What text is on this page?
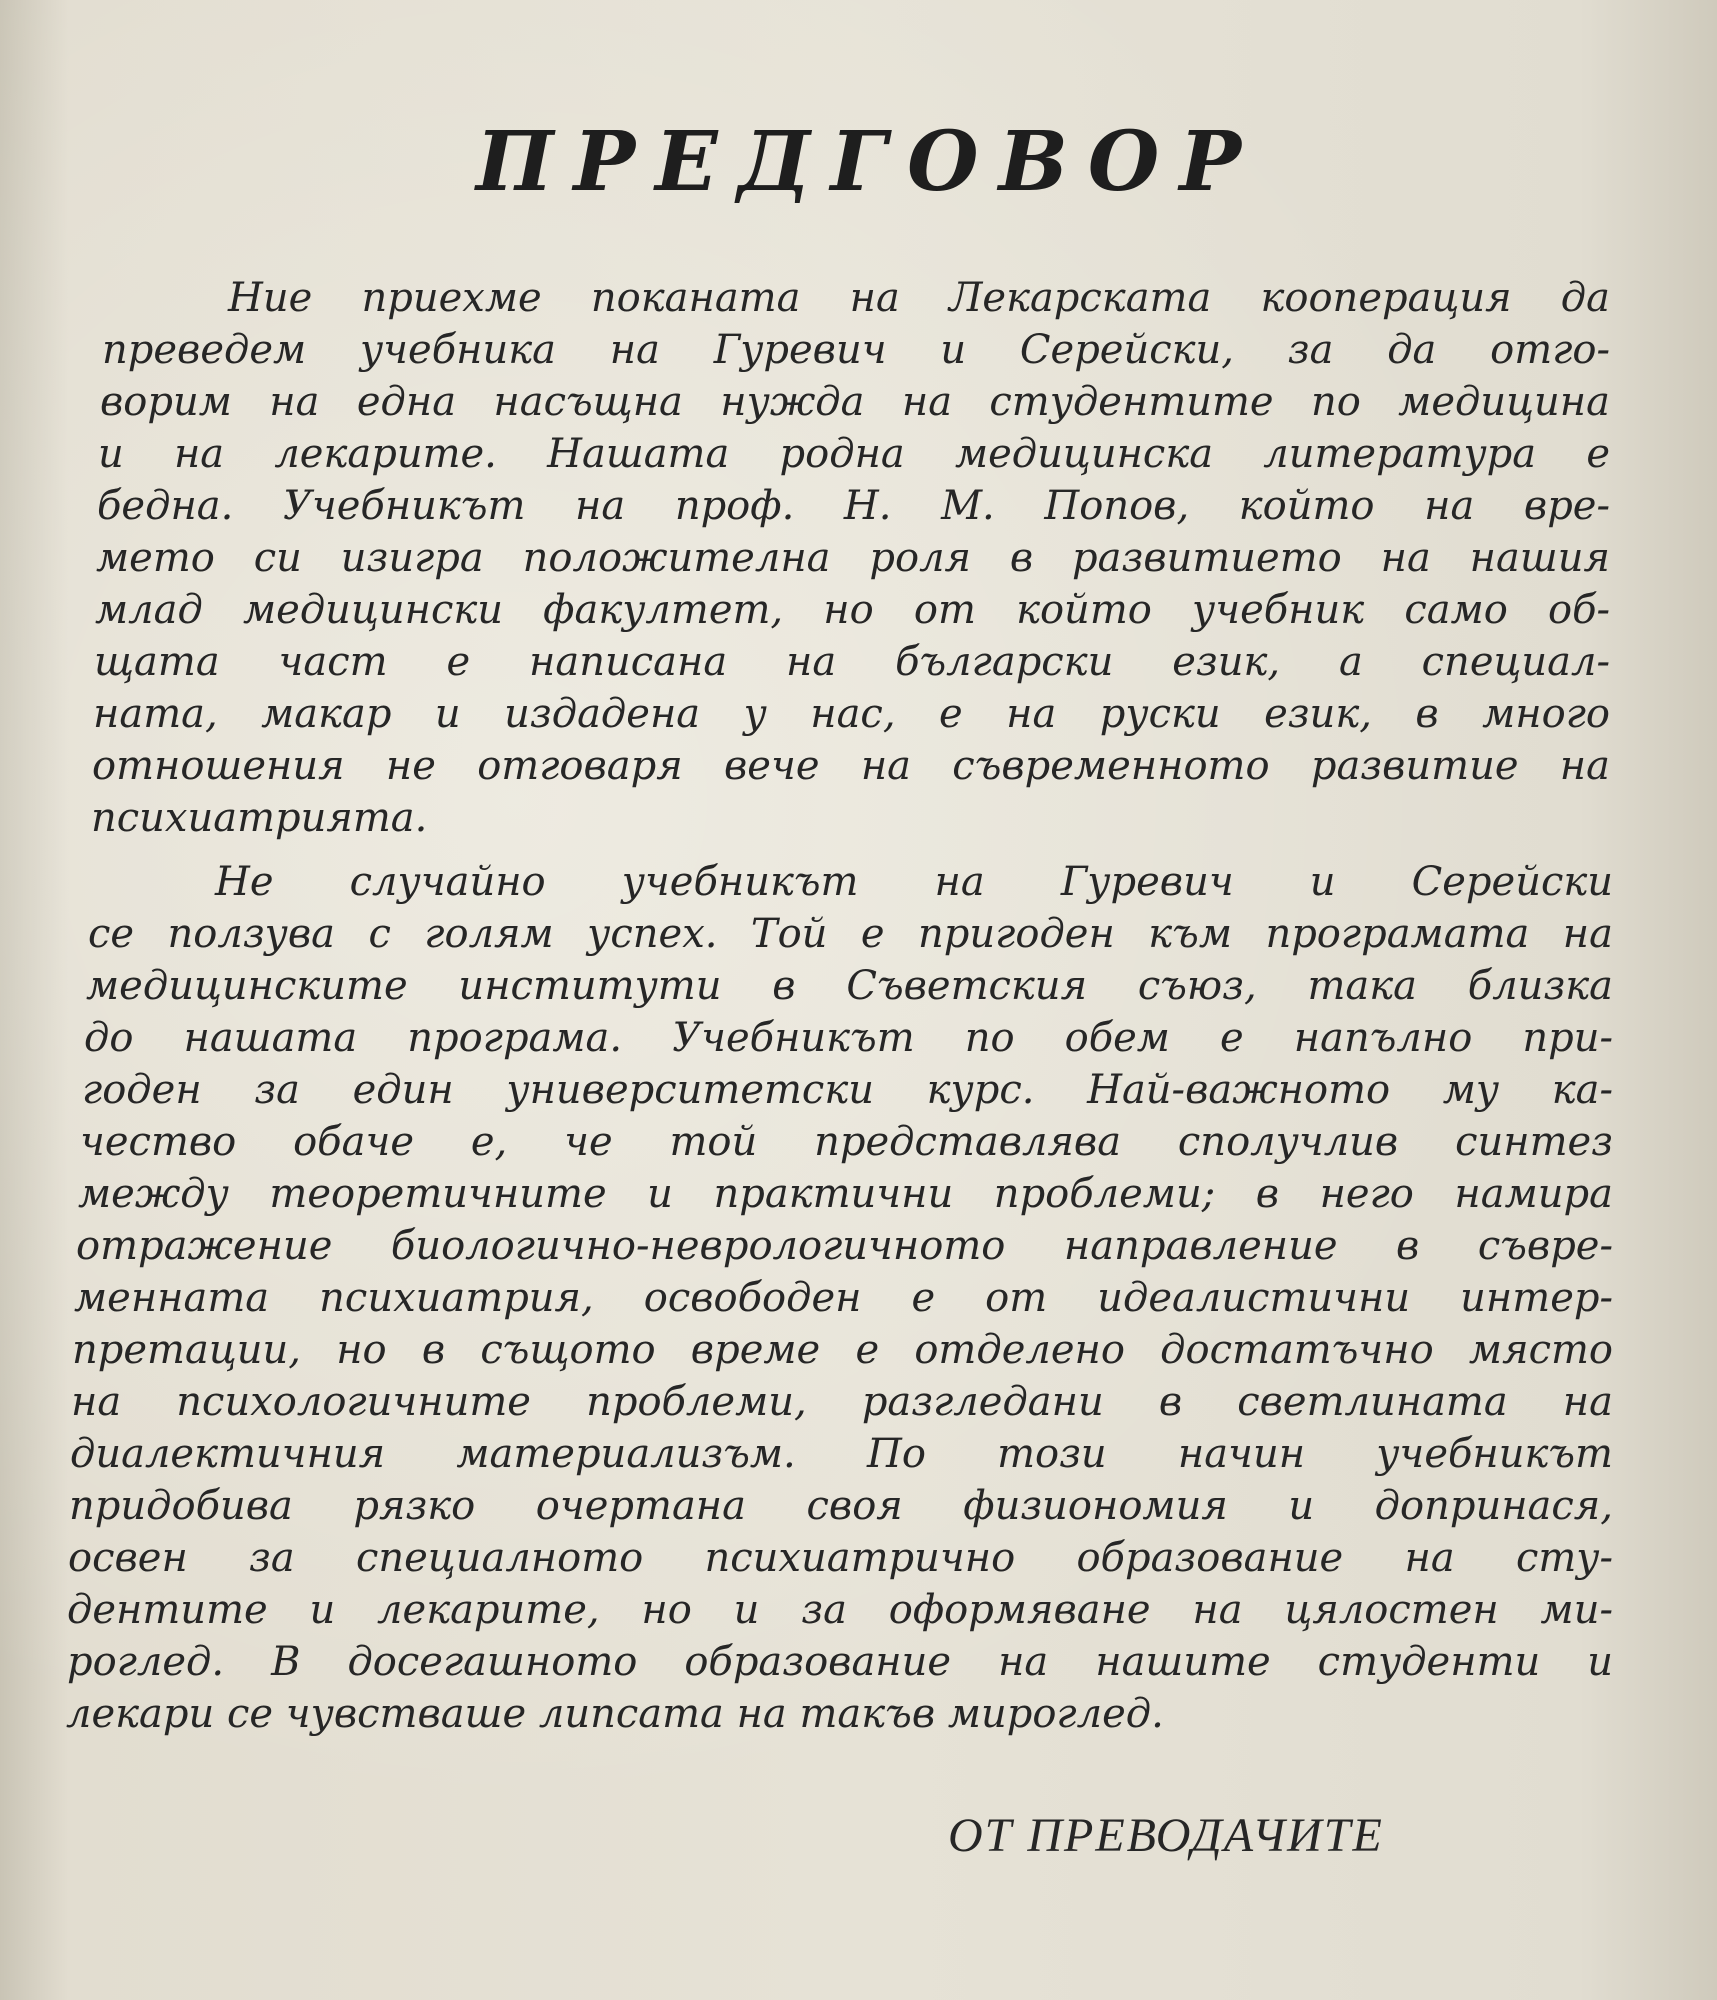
ПРЕДГОВОР
Ние приехме поканата на Лекарската кооперация да
преведем учебника на Гуревич и Серейски, за да отго-
ворим на една насъщна нужда на студентите по медицина
и на лекарите. Нашата родна медицинска литература е
бедна. Учебникът на проф. Н. М. Попов, който на вре-
мето си изигра положителна роля в развитието на нашия
млад медицински факултет, но от който учебник само об-
щата част е написана на български език, а специал-
ната, макар и издадена у нас, е на руски език, в много
отношения не отговаря вече на съвременното развитие на
психиатрията.
Не случайно учебникът на Гуревич и Серейски
се ползува с голям успех. Той е пригоден към програмата на
медицинските институти в Съветския съюз, така близка
до нашата програма. Учебникът по обем е напълно при-
годен за един университетски курс. Най-важното му ка-
чество обаче е, че той представлява сполучлив синтез
между теоретичните и практични проблеми; в него намира
отражение биологично-неврологичното направление в съвре-
менната психиатрия, освободен е от идеалистични интер-
претации, но в същото време е отделено достатъчно място
на психологичните проблеми, разгледани в светлината на
диалектичния материализъм. По този начин учебникът
придобива рязко очертана своя физиономия и допринася,
освен за специалното психиатрично образование на сту-
дентите и лекарите, но и за оформяване на цялостен ми-
роглед. В досегашното образование на нашите студенти и
лекари се чувстваше липсата на такъв мироглед.
ОТ ПРЕВОДАЧИТЕ
